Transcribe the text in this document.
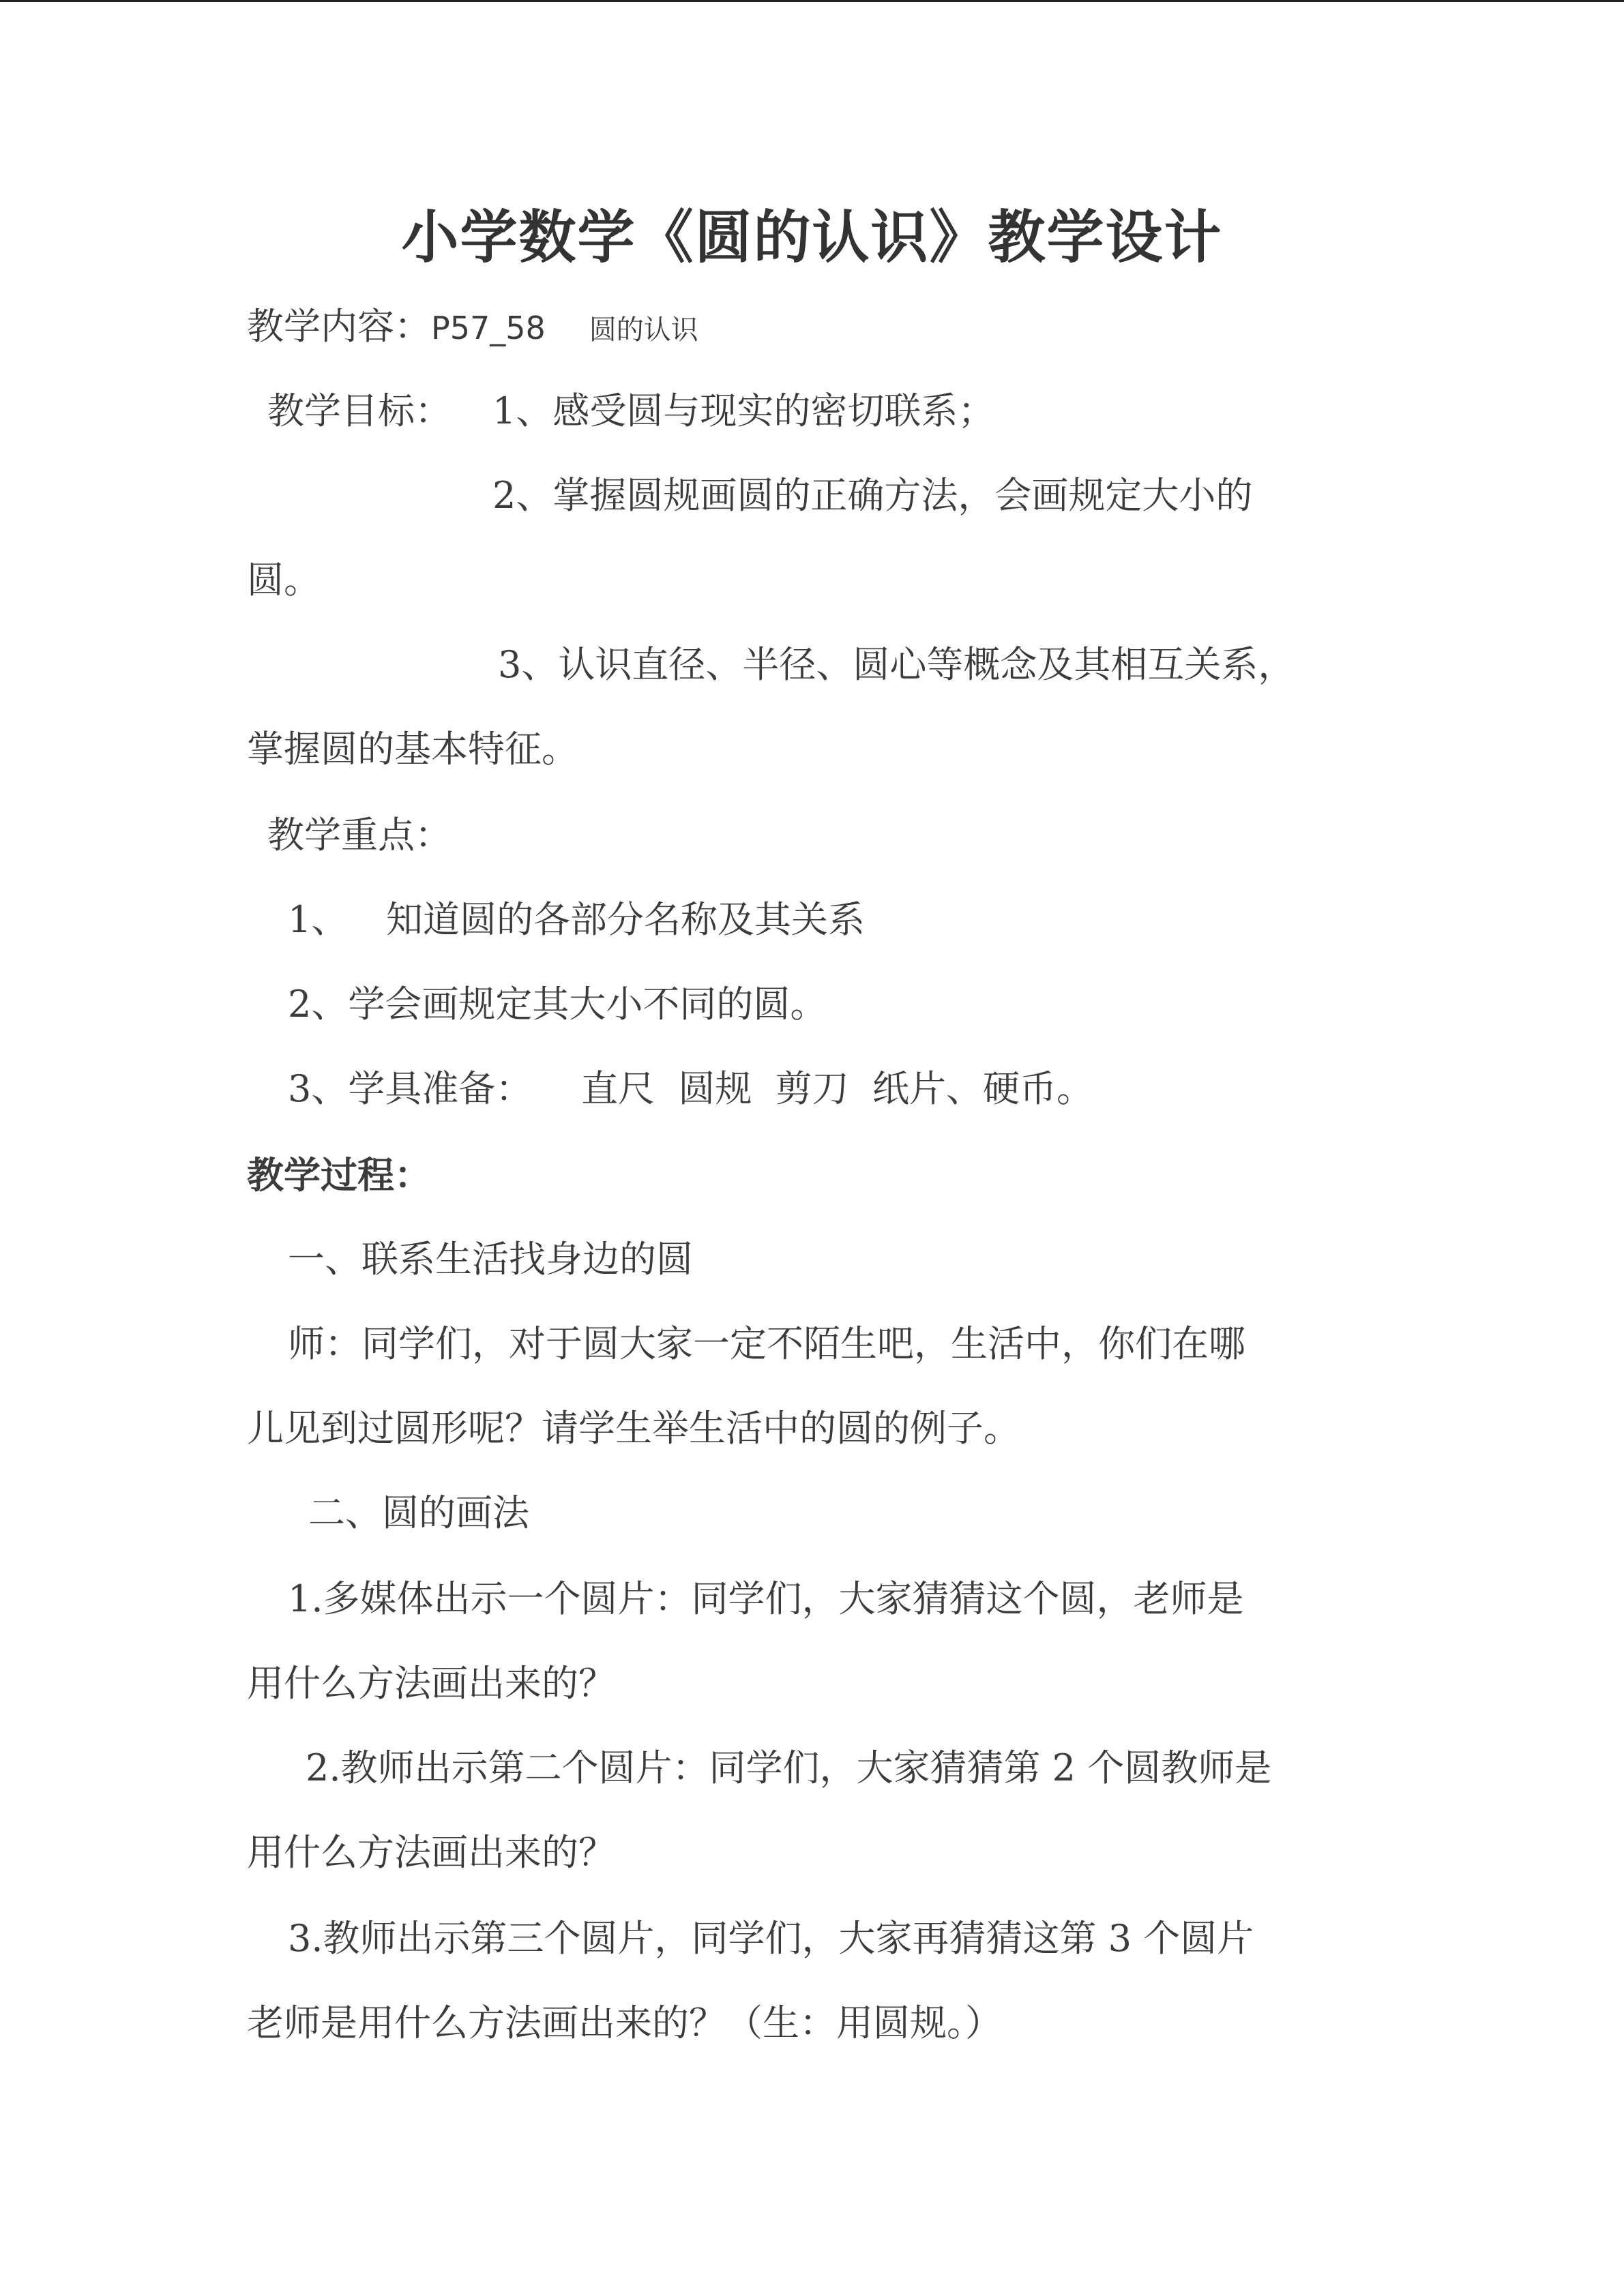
小学数学《圆的认识》教学设计
教学内容：P57_58 圆的认识
教学目标： 1、感受圆与现实的密切联系；
2、掌握圆规画圆的正确方法，会画规定大小的
圆。
3、认识直径、半径、圆心等概念及其相互关系，
掌握圆的基本特征。
教学重点：
1、 知道圆的各部分名称及其关系
2、学会画规定其大小不同的圆。
3、学具准备： 直尺  圆规  剪刀  纸片、硬币。
教学过程：
一、联系生活找身边的圆
师：同学们，对于圆大家一定不陌生吧，生活中，你们在哪
儿见到过圆形呢？请学生举生活中的圆的例子。
二、圆的画法
1.多媒体出示一个圆片：同学们，大家猜猜这个圆，老师是
用什么方法画出来的？
2.教师出示第二个圆片：同学们，大家猜猜第 2 个圆教师是
用什么方法画出来的？
3.教师出示第三个圆片，同学们，大家再猜猜这第 3 个圆片
老师是用什么方法画出来的？（生：用圆规。）
